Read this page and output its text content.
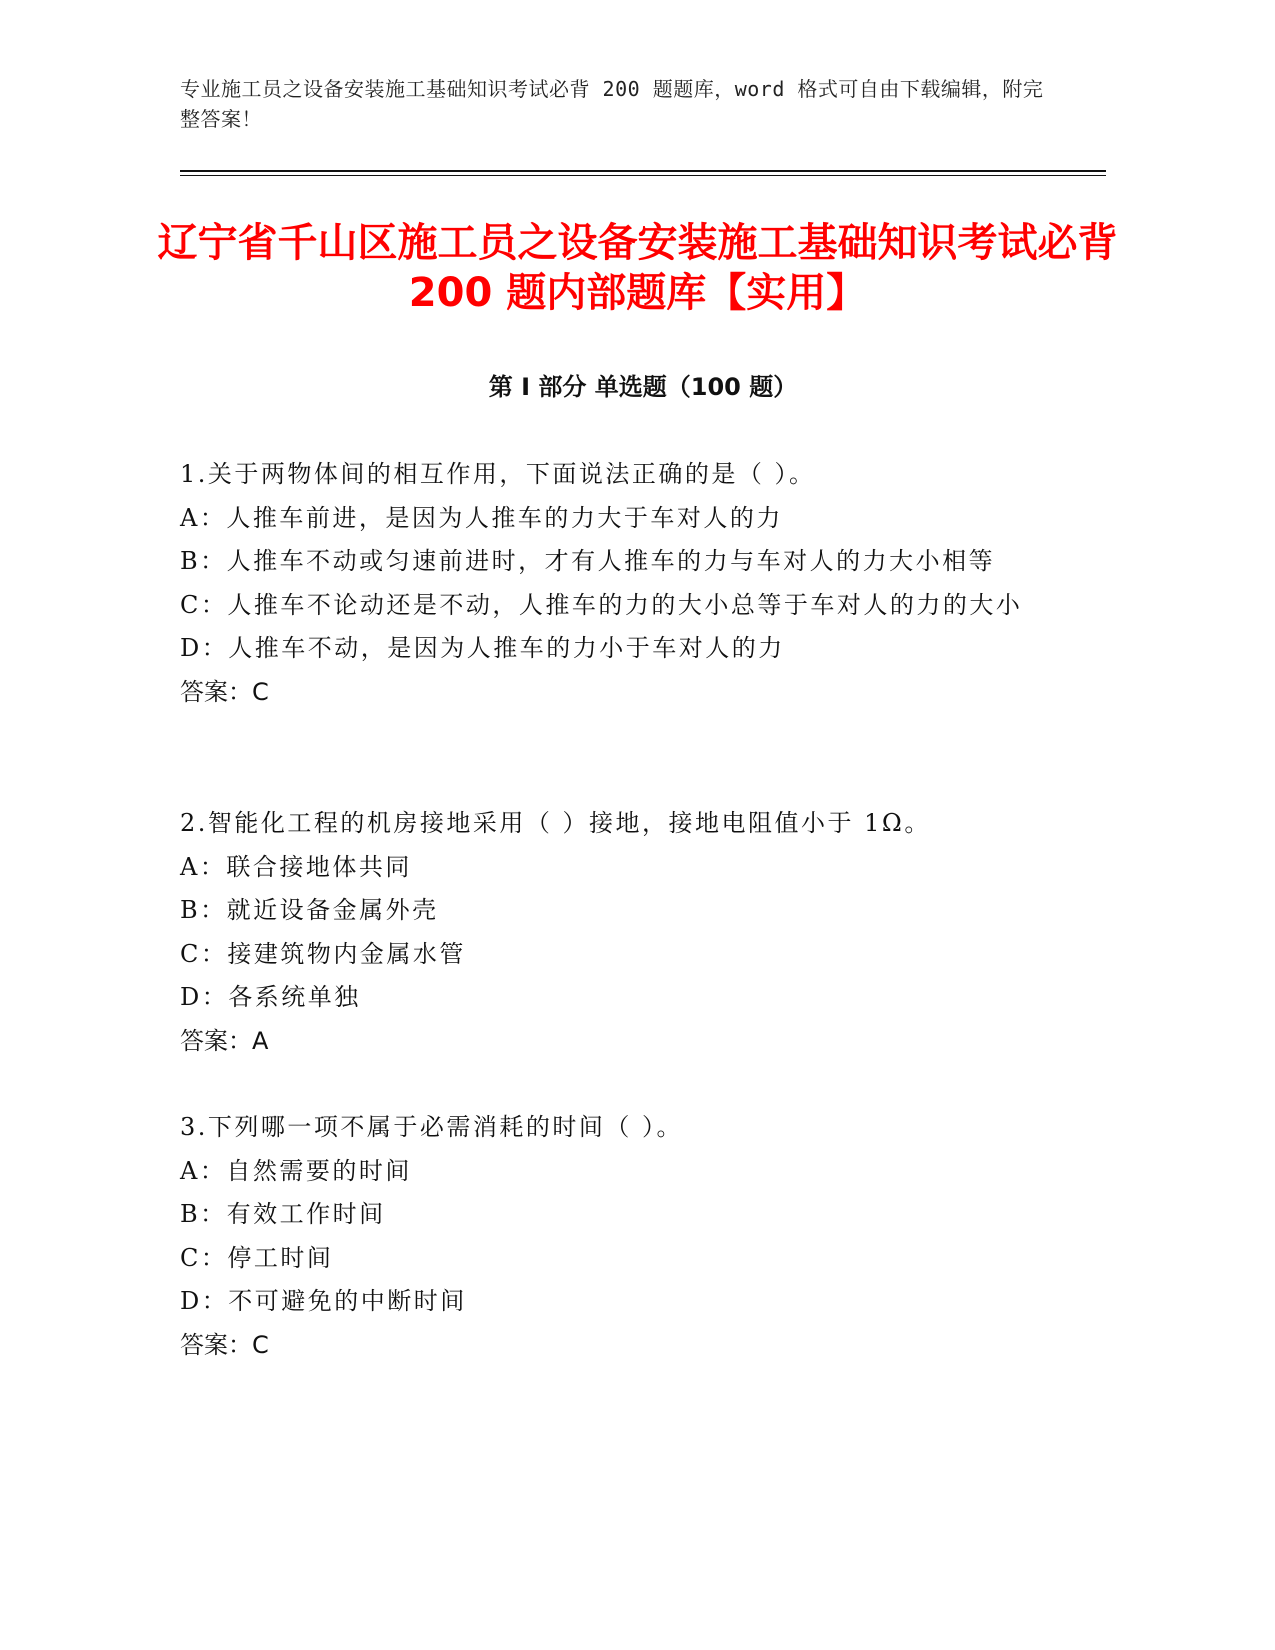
专业施工员之设备安装施工基础知识考试必背 200 题题库，word 格式可自由下载编辑，附完整答案！
辽宁省千山区施工员之设备安装施工基础知识考试必背 200 题内部题库【实用】
第 I 部分 单选题（100 题）
1.关于两物体间的相互作用，下面说法正确的是（ ）。
A：人推车前进，是因为人推车的力大于车对人的力
B：人推车不动或匀速前进时，才有人推车的力与车对人的力大小相等
C：人推车不论动还是不动，人推车的力的大小总等于车对人的力的大小
D：人推车不动，是因为人推车的力小于车对人的力
答案：C
2.智能化工程的机房接地采用（ ）接地，接地电阻值小于 1Ω。
A：联合接地体共同
B：就近设备金属外壳
C：接建筑物内金属水管
D：各系统单独
答案：A
3.下列哪一项不属于必需消耗的时间（ ）。
A：自然需要的时间
B：有效工作时间
C：停工时间
D：不可避免的中断时间
答案：C
